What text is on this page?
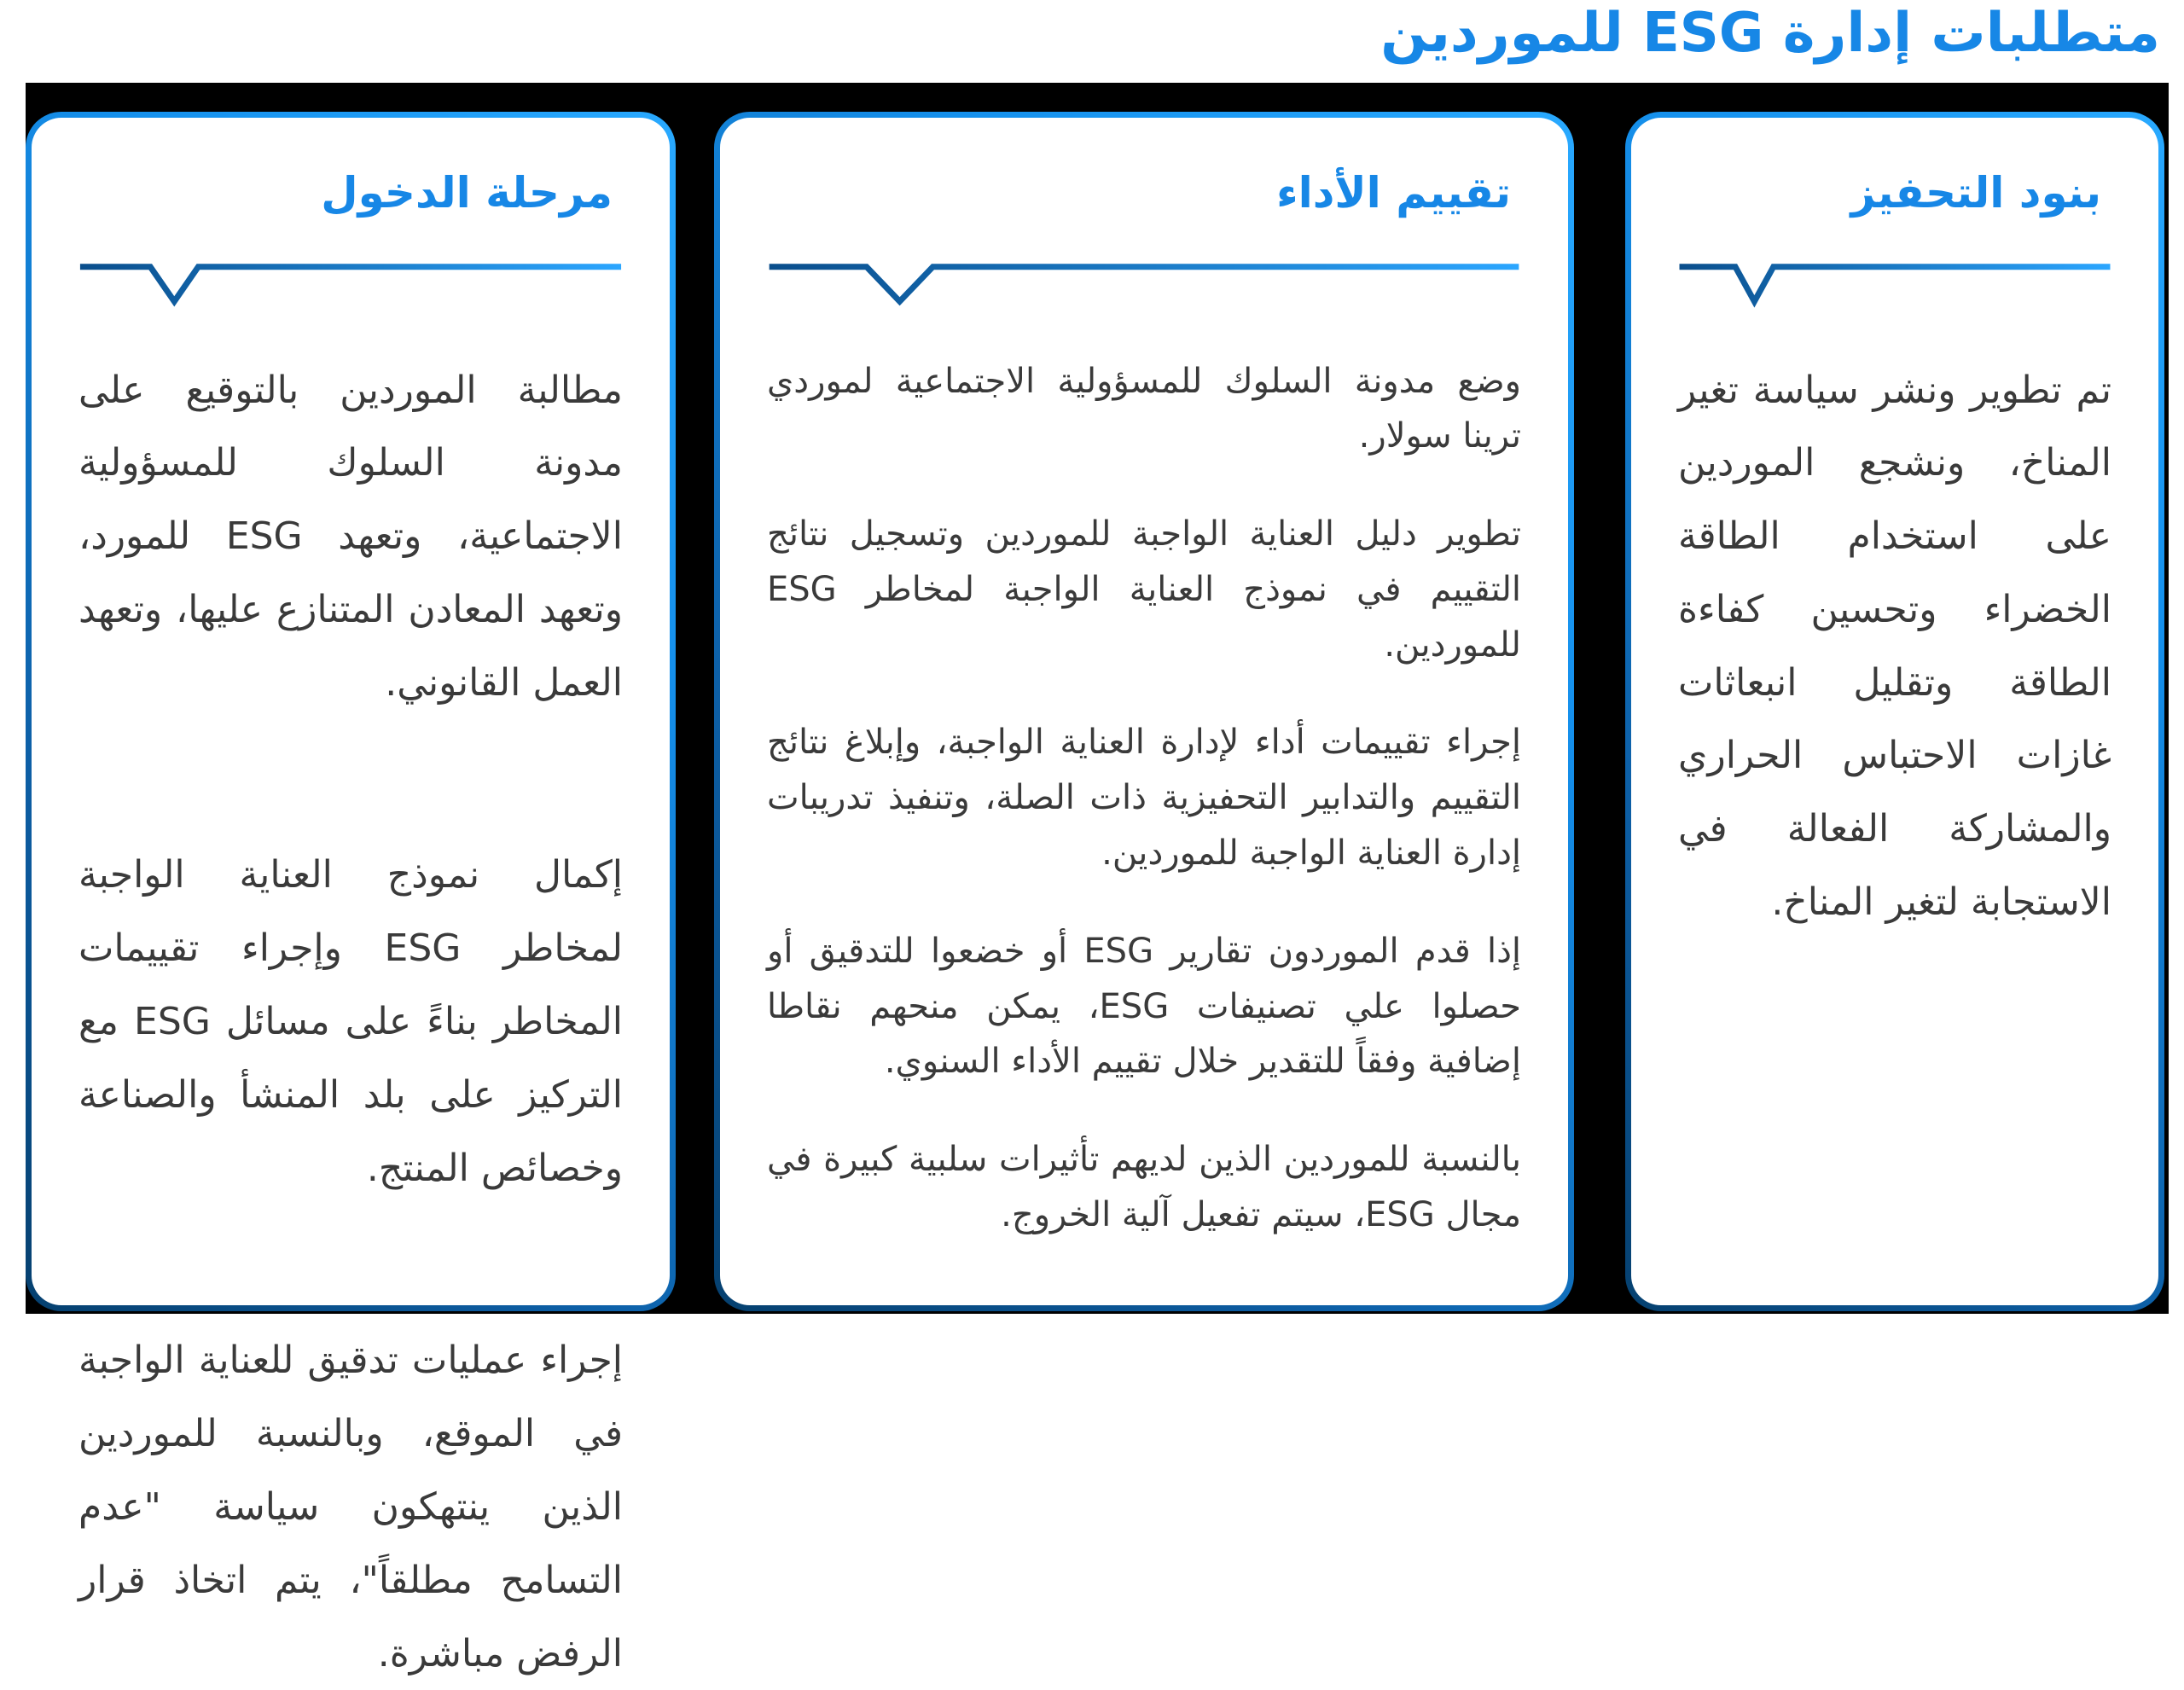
متطلبات إدارة ESG للموردين
بنود التحفيز

تم تطوير ونشر سياسة تغير المناخ، ونشجع الموردين على استخدام الطاقة الخضراء وتحسين كفاءة الطاقة وتقليل انبعاثات غازات الاحتباس الحراري والمشاركة الفعالة في الاستجابة لتغير المناخ.

تقييم الأداء

وضع مدونة السلوك للمسؤولية الاجتماعية لموردي ترينا سولار.

تطوير دليل العناية الواجبة للموردين وتسجيل نتائج التقييم في نموذج العناية الواجبة لمخاطر ESG للموردين.

إجراء تقييمات أداء لإدارة العناية الواجبة، وإبلاغ نتائج التقييم والتدابير التحفيزية ذات الصلة، وتنفيذ تدريبات إدارة العناية الواجبة للموردين.

إذا قدم الموردون تقارير ESG أو خضعوا للتدقيق أو حصلوا علي تصنيفات ESG، يمكن منحهم نقاطا إضافية وفقاً للتقدير خلال تقييم الأداء السنوي.

بالنسبة للموردين الذين لديهم تأثيرات سلبية كبيرة في مجال ESG، سيتم تفعيل آلية الخروج.

مرحلة الدخول

مطالبة الموردين بالتوقيع على مدونة السلوك للمسؤولية الاجتماعية، وتعهد ESG للمورد، وتعهد المعادن المتنازع عليها، وتعهد العمل القانوني.

إكمال نموذج العناية الواجبة لمخاطر ESG وإجراء تقييمات المخاطر بناءً على مسائل ESG مع التركيز على بلد المنشأ والصناعة وخصائص المنتج.

إجراء عمليات تدقيق للعناية الواجبة في الموقع، وبالنسبة للموردين الذين ينتهكون سياسة "عدم التسامح مطلقاً"، يتم اتخاذ قرار الرفض مباشرة.
